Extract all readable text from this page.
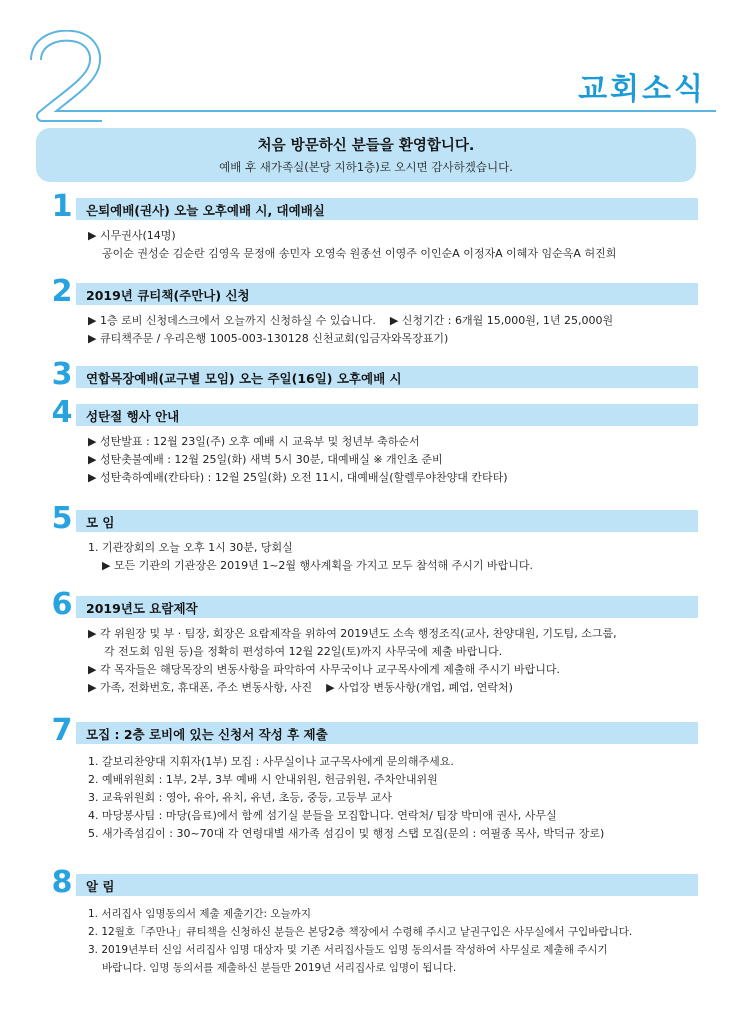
2
교회소식
처음 방문하신 분들을 환영합니다.
예배 후 새가족실(본당 지하1층)로 오시면 감사하겠습니다.
1 은퇴예배(권사) 오늘 오후예배 시, 대예배실
▶ 시무권사(14명)
공이순 권성순 김순란 김영옥 문정애 송민자 오영숙 원종선 이영주 이인순A 이정자A 이혜자 임순옥A 허진희
2 2019년 큐티책(주만나) 신청
▶ 1층 로비 신청데스크에서 오늘까지 신청하실 수 있습니다. ▶ 신청기간 : 6개월 15,000원, 1년 25,000원
▶ 큐티책주문 / 우리은행 1005-003-130128 신천교회(입금자와목장표기)
3 연합목장예배(교구별 모임) 오는 주일(16일) 오후예배 시
4 성탄절 행사 안내
▶ 성탄발표 : 12월 23일(주) 오후 예배 시 교육부 및 청년부 축하순서
▶ 성탄촛불예배 : 12월 25일(화) 새벽 5시 30분, 대예배실 ※ 개인초 준비
▶ 성탄축하예배(칸타타) : 12월 25일(화) 오전 11시, 대예배실(할렐루야찬양대 칸타타)
5 모 임
1. 기관장회의 오늘 오후 1시 30분, 당회실
▶ 모든 기관의 기관장은 2019년 1~2월 행사계획을 가지고 모두 참석해 주시기 바랍니다.
6 2019년도 요람제작
▶ 각 위원장 및 부 · 팀장, 회장은 요람제작을 위하여 2019년도 소속 행정조직(교사, 찬양대원, 기도팀, 소그룹,
각 전도회 임원 등)을 정확히 편성하여 12월 22일(토)까지 사무국에 제출 바랍니다.
▶ 각 목자들은 해당목장의 변동사항을 파악하여 사무국이나 교구목사에게 제출해 주시기 바랍니다.
▶ 가족, 전화번호, 휴대폰, 주소 변동사항, 사진 ▶ 사업장 변동사항(개업, 폐업, 연락처)
7 모집 : 2층 로비에 있는 신청서 작성 후 제출
1. 갈보리찬양대 지휘자(1부) 모집 : 사무실이나 교구목사에게 문의해주세요.
2. 예배위원회 : 1부, 2부, 3부 예배 시 안내위원, 헌금위원, 주차안내위원
3. 교육위원회 : 영아, 유아, 유치, 유년, 초등, 중등, 고등부 교사
4. 마당봉사팀 : 마당(음료)에서 함께 섬기실 분들을 모집합니다. 연락처/ 팀장 박미애 권사, 사무실
5. 새가족섬김이 : 30~70대 각 연령대별 새가족 섬김이 및 행정 스탭 모집(문의 : 여필종 목사, 박덕규 장로)
8 알 림
1. 서리집사 임명동의서 제출 제출기간: 오늘까지
2. 12월호「주만나」큐티책을 신청하신 분들은 본당2층 책장에서 수령해 주시고 낱권구입은 사무실에서 구입바랍니다.
3. 2019년부터 신임 서리집사 임명 대상자 및 기존 서리집사들도 임명 동의서를 작성하여 사무실로 제출해 주시기
바랍니다. 임명 동의서를 제출하신 분들만 2019년 서리집사로 임명이 됩니다.
